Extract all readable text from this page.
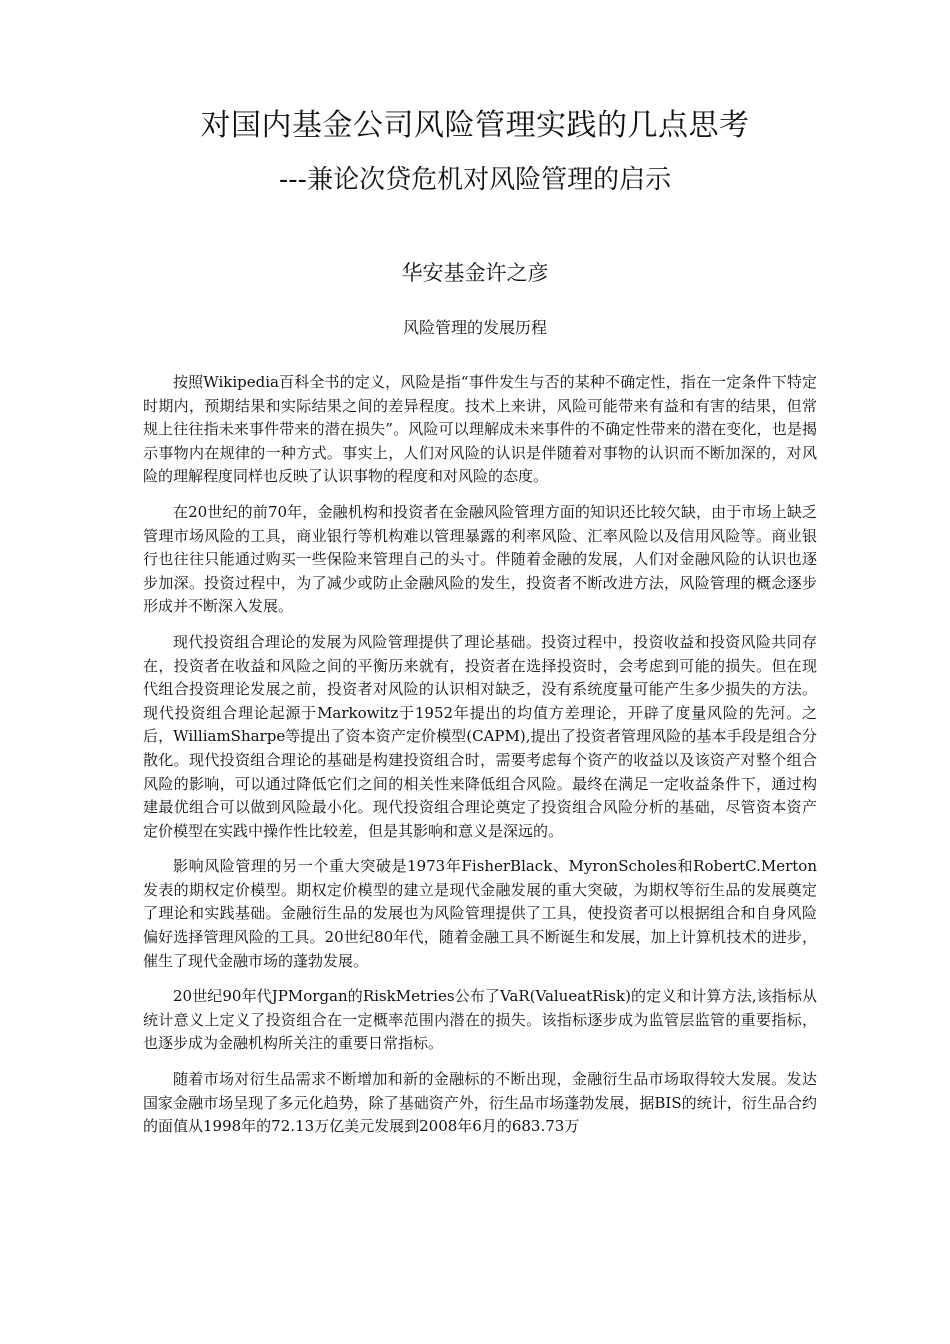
对国内基金公司风险管理实践的几点思考
---兼论次贷危机对风险管理的启示
华安基金许之彦
风险管理的发展历程

按照Wikipedia百科全书的定义，风险是指“事件发生与否的某种不确定性，指在一定条件下特定时期内，预期结果和实际结果之间的差异程度。技术上来讲，风险可能带来有益和有害的结果，但常规上往往指未来事件带来的潜在损失”。风险可以理解成未来事件的不确定性带来的潜在变化，也是揭示事物内在规律的一种方式。事实上，人们对风险的认识是伴随着对事物的认识而不断加深的，对风险的理解程度同样也反映了认识事物的程度和对风险的态度。

在20世纪的前70年，金融机构和投资者在金融风险管理方面的知识还比较欠缺，由于市场上缺乏管理市场风险的工具，商业银行等机构难以管理暴露的利率风险、汇率风险以及信用风险等。商业银行也往往只能通过购买一些保险来管理自己的头寸。伴随着金融的发展，人们对金融风险的认识也逐步加深。投资过程中，为了减少或防止金融风险的发生，投资者不断改进方法，风险管理的概念逐步形成并不断深入发展。

现代投资组合理论的发展为风险管理提供了理论基础。投资过程中，投资收益和投资风险共同存在，投资者在收益和风险之间的平衡历来就有，投资者在选择投资时，会考虑到可能的损失。但在现代组合投资理论发展之前，投资者对风险的认识相对缺乏，没有系统度量可能产生多少损失的方法。现代投资组合理论起源于Markowitz于1952年提出的均值方差理论，开辟了度量风险的先河。之后，WilliamSharpe等提出了资本资产定价模型(CAPM),提出了投资者管理风险的基本手段是组合分散化。现代投资组合理论的基础是构建投资组合时，需要考虑每个资产的收益以及该资产对整个组合风险的影响，可以通过降低它们之间的相关性来降低组合风险。最终在满足一定收益条件下，通过构建最优组合可以做到风险最小化。现代投资组合理论奠定了投资组合风险分析的基础，尽管资本资产定价模型在实践中操作性比较差，但是其影响和意义是深远的。

影响风险管理的另一个重大突破是1973年FisherBlack、MyronScholes和RobertC.Merton发表的期权定价模型。期权定价模型的建立是现代金融发展的重大突破，为期权等衍生品的发展奠定了理论和实践基础。金融衍生品的发展也为风险管理提供了工具，使投资者可以根据组合和自身风险偏好选择管理风险的工具。20世纪80年代，随着金融工具不断诞生和发展，加上计算机技术的进步，催生了现代金融市场的蓬勃发展。

20世纪90年代JPMorgan的RiskMetries公布了VaR(ValueatRisk)的定义和计算方法,该指标从统计意义上定义了投资组合在一定概率范围内潜在的损失。该指标逐步成为监管层监管的重要指标，也逐步成为金融机构所关注的重要日常指标。

随着市场对衍生品需求不断增加和新的金融标的不断出现，金融衍生品市场取得较大发展。发达国家金融市场呈现了多元化趋势，除了基础资产外，衍生品市场蓬勃发展，据BIS的统计，衍生品合约的面值从1998年的72.13万亿美元发展到2008年6月的683.73万
